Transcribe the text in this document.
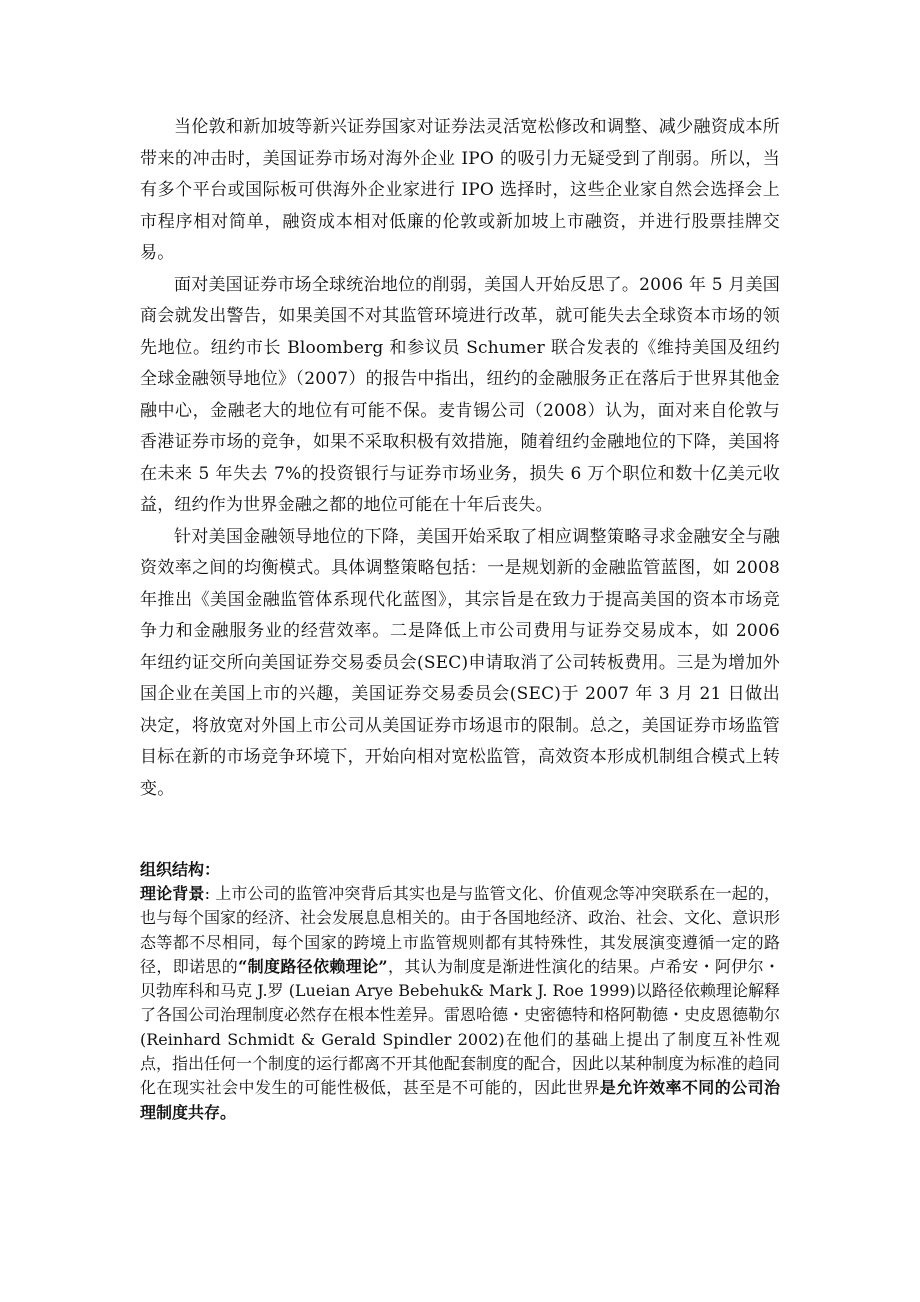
当伦敦和新加坡等新兴证券国家对证券法灵活宽松修改和调整、减少融资成本所带来的冲击时，美国证券市场对海外企业 IPO 的吸引力无疑受到了削弱。所以，当有多个平台或国际板可供海外企业家进行 IPO 选择时，这些企业家自然会选择会上市程序相对简单，融资成本相对低廉的伦敦或新加坡上市融资，并进行股票挂牌交易。

面对美国证券市场全球统治地位的削弱，美国人开始反思了。2006 年 5 月美国商会就发出警告，如果美国不对其监管环境进行改革，就可能失去全球资本市场的领先地位。纽约市长 Bloomberg 和参议员 Schumer 联合发表的《维持美国及纽约全球金融领导地位》（2007）的报告中指出，纽约的金融服务正在落后于世界其他金融中心，金融老大的地位有可能不保。麦肯锡公司（2008）认为，面对来自伦敦与香港证券市场的竞争，如果不采取积极有效措施，随着纽约金融地位的下降，美国将在未来 5 年失去 7%的投资银行与证券市场业务，损失 6 万个职位和数十亿美元收益，纽约作为世界金融之都的地位可能在十年后丧失。

针对美国金融领导地位的下降，美国开始采取了相应调整策略寻求金融安全与融资效率之间的均衡模式。具体调整策略包括：一是规划新的金融监管蓝图，如 2008 年推出《美国金融监管体系现代化蓝图》，其宗旨是在致力于提高美国的资本市场竞争力和金融服务业的经营效率。二是降低上市公司费用与证券交易成本，如 2006 年纽约证交所向美国证券交易委员会(SEC)申请取消了公司转板费用。三是为增加外国企业在美国上市的兴趣，美国证券交易委员会(SEC)于 2007 年 3 月 21 日做出决定，将放宽对外国上市公司从美国证券市场退市的限制。总之，美国证券市场监管目标在新的市场竞争环境下，开始向相对宽松监管，高效资本形成机制组合模式上转变。

组织结构：

理论背景: 上市公司的监管冲突背后其实也是与监管文化、价值观念等冲突联系在一起的，也与每个国家的经济、社会发展息息相关的。由于各国地经济、政治、社会、文化、意识形态等都不尽相同，每个国家的跨境上市监管规则都有其特殊性，其发展演变遵循一定的路径，即诺思的“制度路径依赖理论”，其认为制度是渐进性演化的结果。卢希安・阿伊尔・贝勃库科和马克 J.罗 (Lueian Arye Bebehuk& Mark J. Roe 1999)以路径依赖理论解释了各国公司治理制度必然存在根本性差异。雷恩哈德・史密德特和格阿勒德・史皮恩德勒尔(Reinhard Schmidt & Gerald Spindler 2002)在他们的基础上提出了制度互补性观点，指出任何一个制度的运行都离不开其他配套制度的配合，因此以某种制度为标准的趋同化在现实社会中发生的可能性极低，甚至是不可能的，因此世界是允许效率不同的公司治理制度共存。
